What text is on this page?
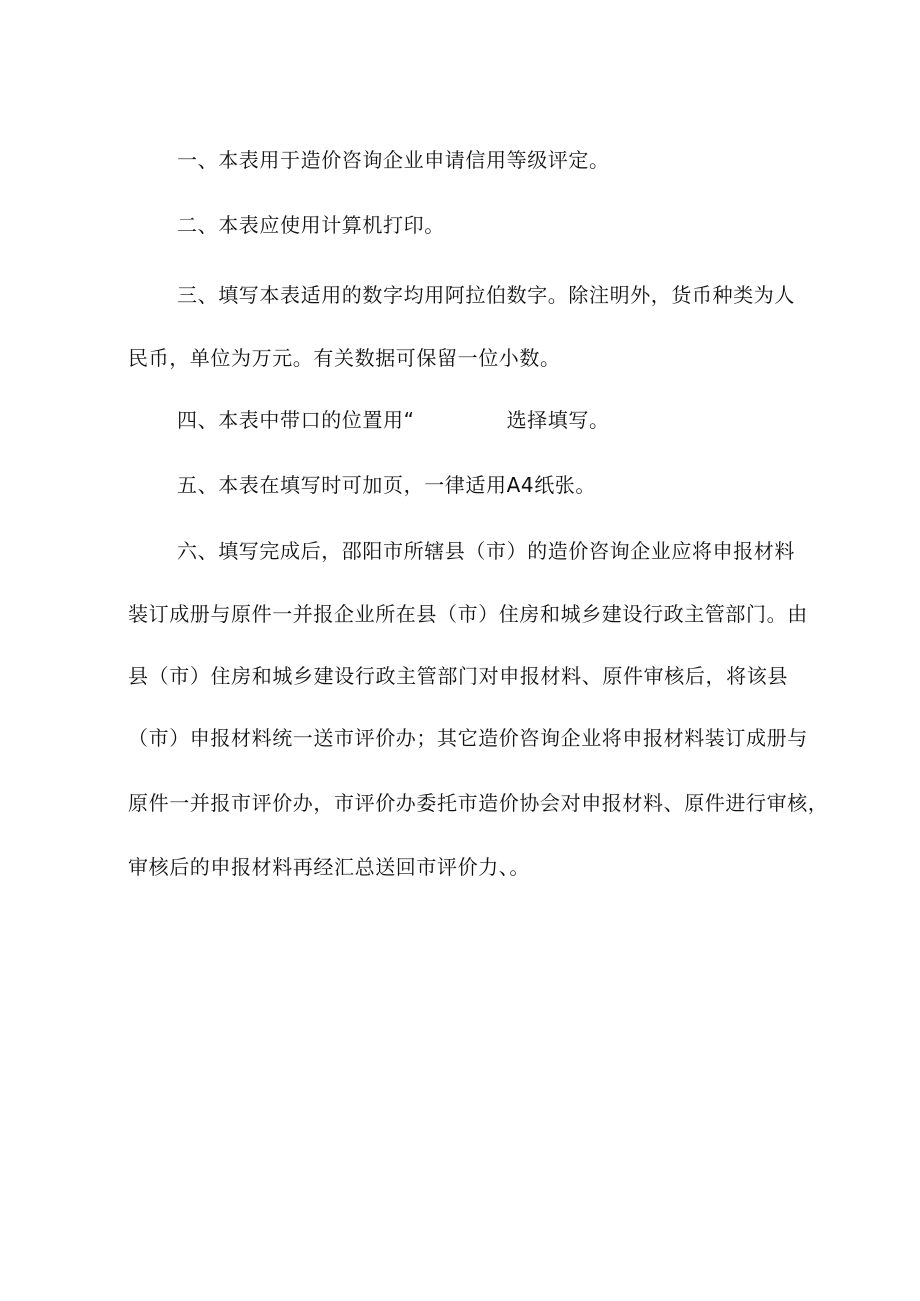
一、本表用于造价咨询企业申请信用等级评定。
二、本表应使用计算机打印。
三、填写本表适用的数字均用阿拉伯数字。除注明外，货币种类为人
民币，单位为万元。有关数据可保留一位小数。
四、本表中带口的位置用“	选择填写。
五、本表在填写时可加页，一律适用A4纸张。
六、填写完成后，邵阳市所辖县（市）的造价咨询企业应将申报材料
装订成册与原件一并报企业所在县（市）住房和城乡建设行政主管部门。由
县（市）住房和城乡建设行政主管部门对申报材料、原件审核后，将该县
（市）申报材料统一送市评价办；其它造价咨询企业将申报材料装订成册与
原件一并报市评价办，市评价办委托市造价协会对申报材料、原件进行审核，
审核后的申报材料再经汇总送回市评价力、。
